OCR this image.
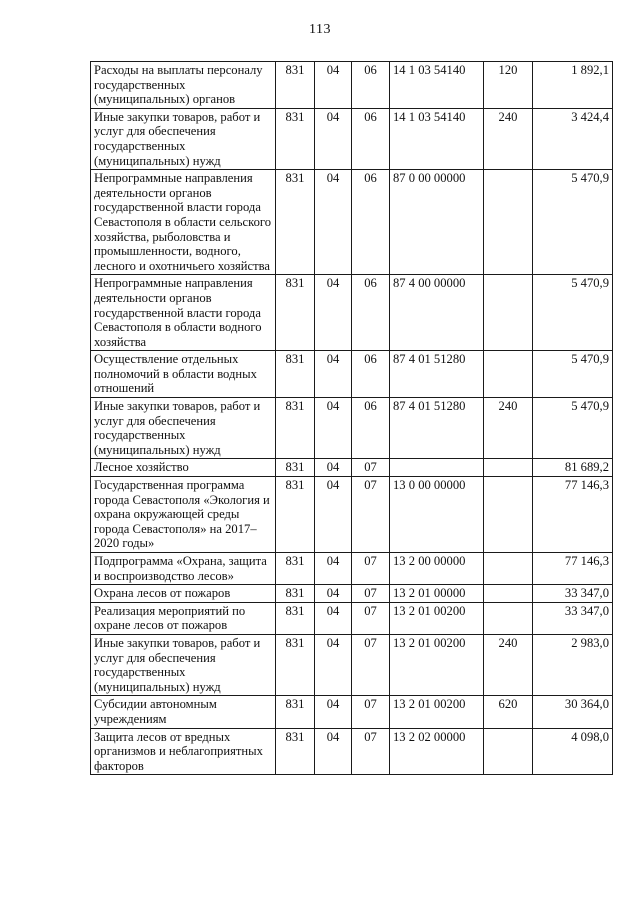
113
Расходы на выплаты персоналу государственных (муниципальных) органов	831	04	06	14 1 03 54140	120	1 892,1
Иные закупки товаров, работ и услуг для обеспечения государственных (муниципальных) нужд	831	04	06	14 1 03 54140	240	3 424,4
Непрограммные направления деятельности органов государственной власти города Севастополя в области сельского хозяйства, рыболовства и промышленности, водного, лесного и охотничьего хозяйства	831	04	06	87 0 00 00000		5 470,9
Непрограммные направления деятельности органов государственной власти города Севастополя в области водного хозяйства	831	04	06	87 4 00 00000		5 470,9
Осуществление отдельных полномочий в области водных отношений	831	04	06	87 4 01 51280		5 470,9
Иные закупки товаров, работ и услуг для обеспечения государственных (муниципальных) нужд	831	04	06	87 4 01 51280	240	5 470,9
Лесное хозяйство	831	04	07			81 689,2
Государственная программа города Севастополя «Экология и охрана окружающей среды города Севастополя» на 2017–2020 годы»	831	04	07	13 0 00 00000		77 146,3
Подпрограмма «Охрана, защита и воспроизводство лесов»	831	04	07	13 2 00 00000		77 146,3
Охрана лесов от пожаров	831	04	07	13 2 01 00000		33 347,0
Реализация мероприятий по охране лесов от пожаров	831	04	07	13 2 01 00200		33 347,0
Иные закупки товаров, работ и услуг для обеспечения государственных (муниципальных) нужд	831	04	07	13 2 01 00200	240	2 983,0
Субсидии автономным учреждениям	831	04	07	13 2 01 00200	620	30 364,0
Защита лесов от вредных организмов и неблагоприятных факторов	831	04	07	13 2 02 00000		4 098,0
